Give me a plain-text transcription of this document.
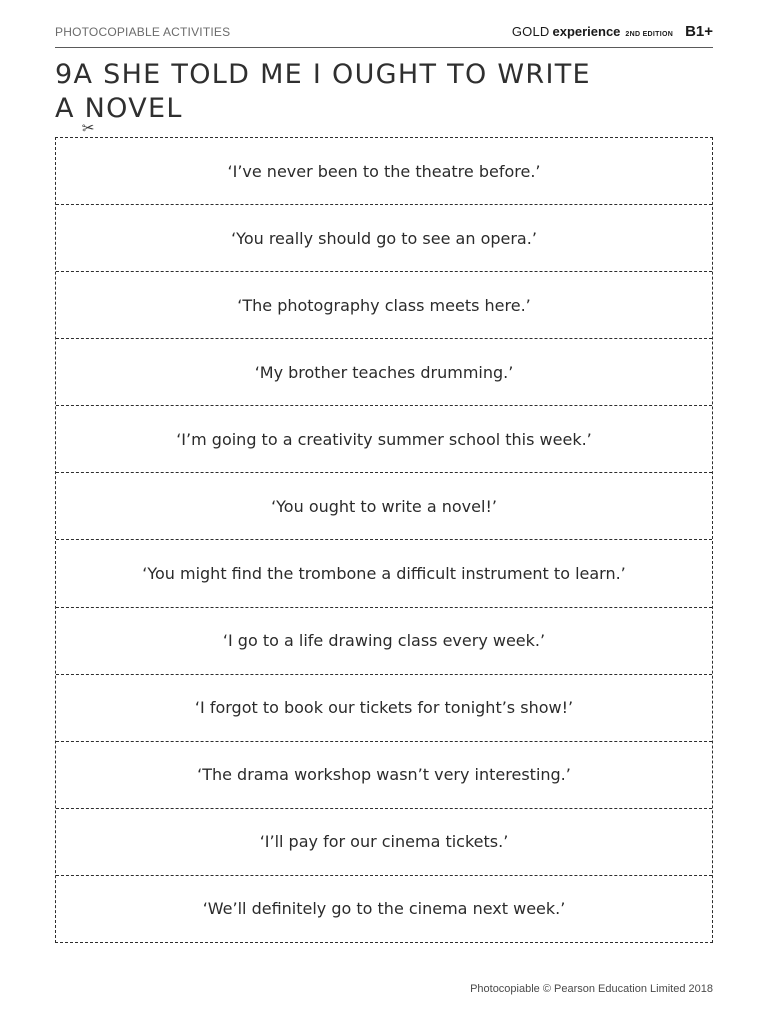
PHOTOCOPIABLE ACTIVITIES	GOLD experience 2ND EDITION B1+
9A SHE TOLD ME I OUGHT TO WRITE
A NOVEL
✂
‘I’ve never been to the theatre before.’
‘You really should go to see an opera.’
‘The photography class meets here.’
‘My brother teaches drumming.’
‘I’m going to a creativity summer school this week.’
‘You ought to write a novel!’
‘You might find the trombone a difficult instrument to learn.’
‘I go to a life drawing class every week.’
‘I forgot to book our tickets for tonight’s show!’
‘The drama workshop wasn’t very interesting.’
‘I’ll pay for our cinema tickets.’
‘We’ll definitely go to the cinema next week.’
Photocopiable © Pearson Education Limited 2018
